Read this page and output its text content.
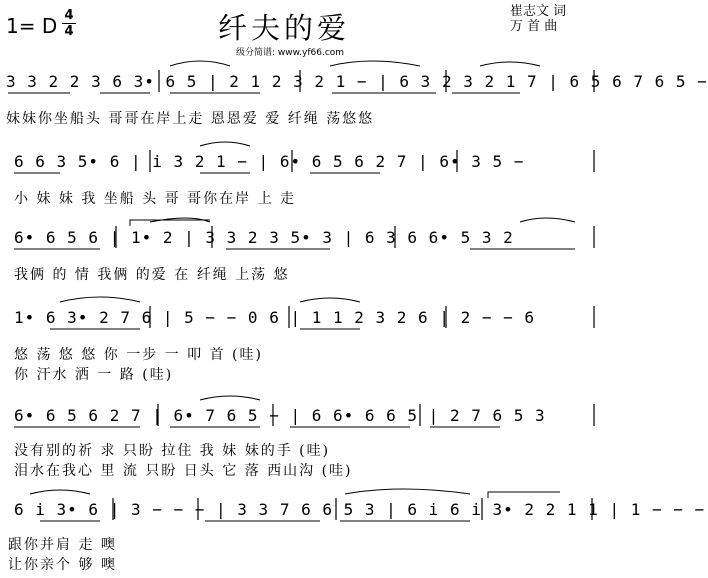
1= D 4
4	纤夫的爱	崔志文 词
万 首 曲
级分简谱: www.yf66.com
3 3 2 2 3 6 3• 6 5 | 2 1 2 3 2 1 − | 6 3 2 3 2 1 7 | 6 5 6 7 6 5 −
妹妹你坐船头 哥哥在岸上走 恩恩爱 爱 纤绳 荡悠悠
6 6 3 5• 6 | i 3 2 1 − | 6• 6 5 6 2 7 | 6• 3 5 −
小 妹 妹 我 坐船 头 哥 哥你在岸 上 走
6• 6 5 6 | 1• 2 | 3 3 2 3 5• 3 | 6 3 6 6• 5 3 2
我俩 的 情 我俩 的爱 在 纤绳 上荡 悠
1• 6 3• 2 7 6 | 5 − − 0 6 | 1 1 2 3 2 6 | 2 − − 6
悠 荡 悠 悠 你 一步 一 叩 首 (哇)
你 汗水 洒 一 路 (哇)
6• 6 5 6 2 7 | 6• 7 6 5 − | 6 6• 6 6 5 | 2 7 6 5 3
没有别的祈 求 只盼 拉住 我 妹 妹的手 (哇)
泪水在我心 里 流 只盼 日头 它 落 西山沟 (哇)
6 i 3• 6 | 3 − − − | 3 3 7 6 6 5 3 | 6 i 6 i 3• 2 2 1 1 | 1 − − −
跟你并肩 走 噢
让你亲个 够 噢
